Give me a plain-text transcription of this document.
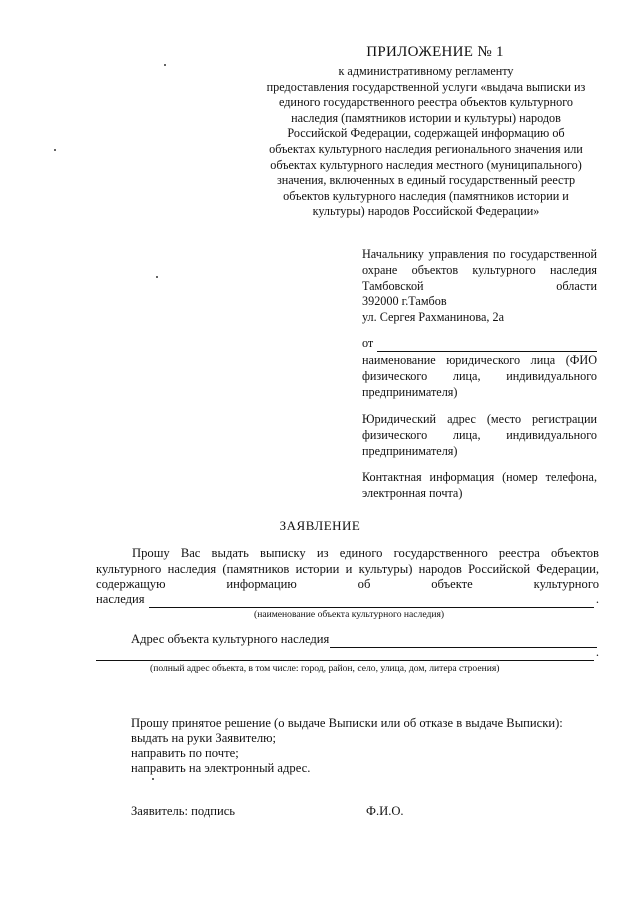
ПРИЛОЖЕНИЕ № 1
к административному регламенту
предоставления государственной услуги «выдача выписки из
единого государственного реестра объектов культурного
наследия (памятников истории и культуры) народов
Российской Федерации, содержащей информацию об
объектах культурного наследия регионального значения или
объектах культурного наследия местного (муниципального)
значения, включенных в единый государственный реестр
объектов культурного наследия (памятников истории и
культуры) народов Российской Федерации»
Начальнику управления по государственной охране объектов культурного наследия Тамбовской области
392000 г.Тамбов
ул. Сергея Рахманинова, 2а
от
наименование юридического лица (ФИО физического лица, индивидуального предпринимателя)
Юридический адрес (место регистрации физического лица, индивидуального предпринимателя)
Контактная информация (номер телефона, электронная почта)
ЗАЯВЛЕНИЕ
Прошу Вас выдать выписку из единого государственного реестра объектов культурного наследия (памятников истории и культуры) народов Российской Федерации, содержащую информацию об объекте культурного
наследия	.
(наименование объекта культурного наследия)
Адрес объекта культурного наследия
.
(полный адрес объекта, в том числе: город, район, село, улица, дом, литера строения)
Прошу принятое решение (о выдаче Выписки или об отказе в выдаче Выписки):
выдать на руки Заявителю;
направить по почте;
направить на электронный адрес.
Заявитель: подпись	Ф.И.О.
